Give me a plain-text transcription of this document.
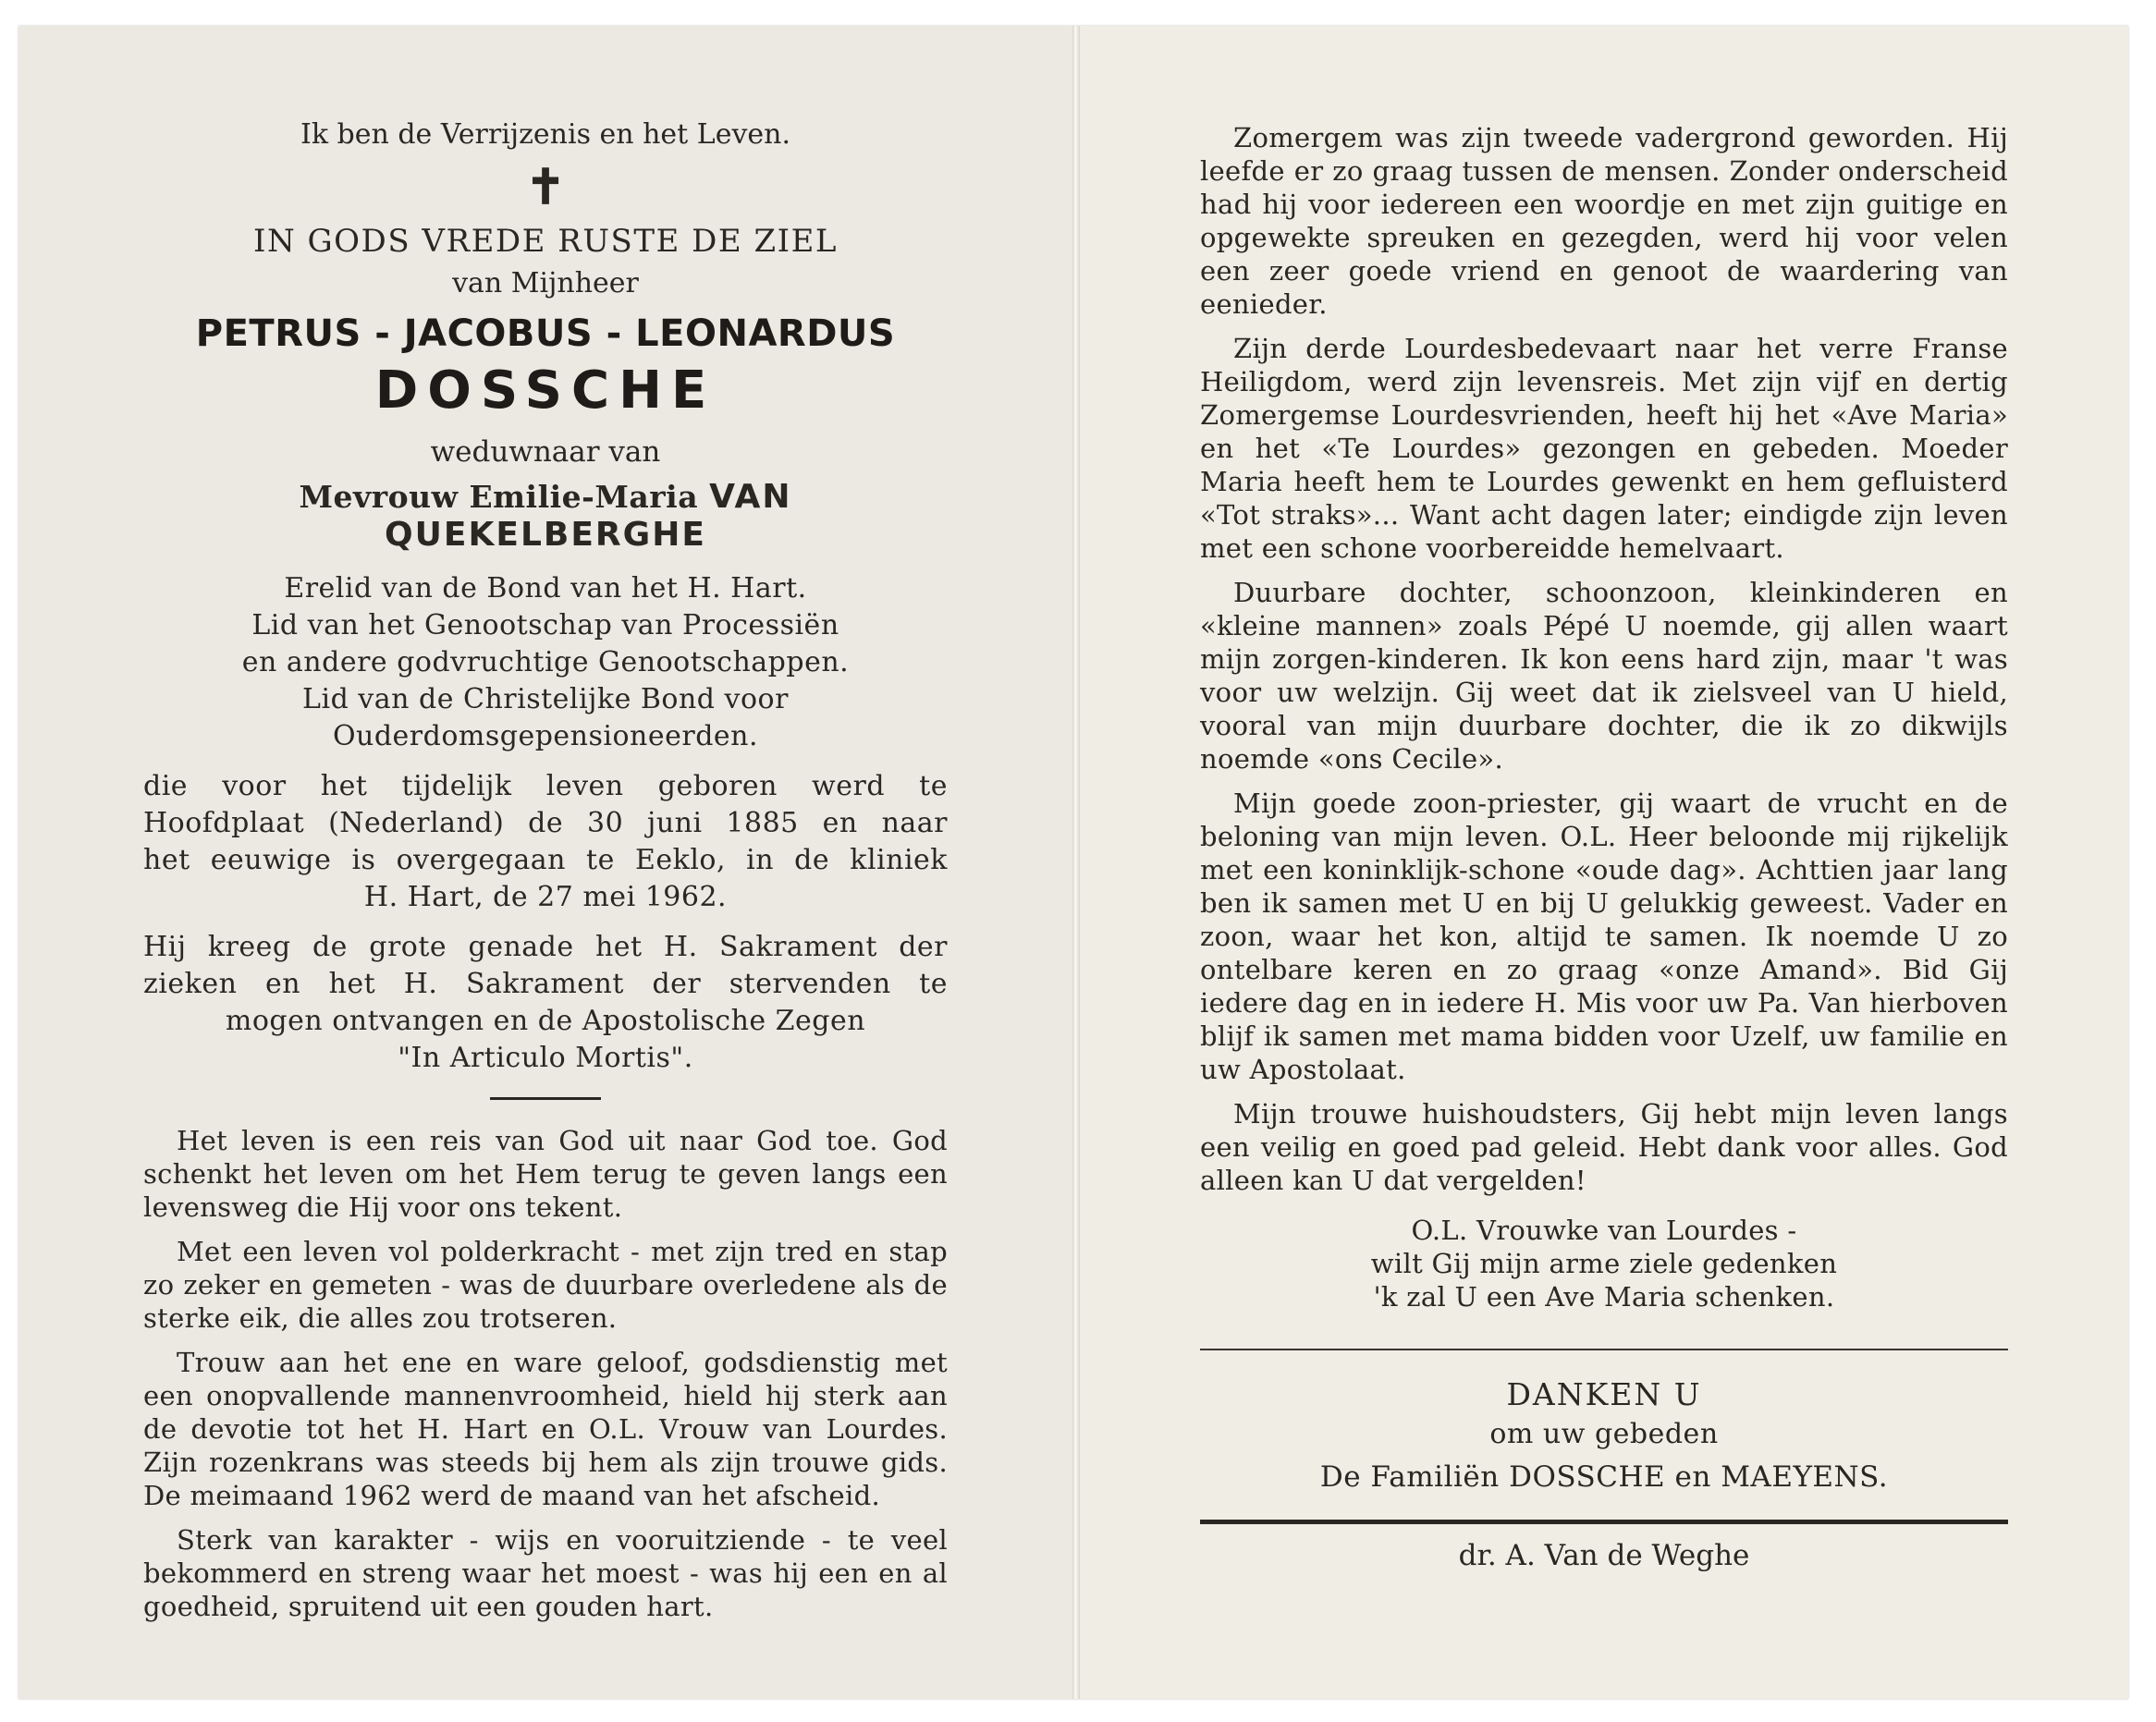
Ik ben de Verrijzenis en het Leven.

✝

IN GODS VREDE RUSTE DE ZIEL

van Mijnheer

PETRUS - JACOBUS - LEONARDUS

DOSSCHE

weduwnaar van

Mevrouw Emilie-Maria VAN QUEKELBERGHE

Erelid van de Bond van het H. Hart.

Lid van het Genootschap van Processiën

en andere godvruchtige Genootschappen.

Lid van de Christelijke Bond voor

Ouderdomsgepensioneerden.

die voor het tijdelijk leven geboren werd te

Hoofdplaat (Nederland) de 30 juni 1885 en naar

het eeuwige is overgegaan te Eeklo, in de kliniek

H. Hart, de 27 mei 1962.

Hij kreeg de grote genade het H. Sakrament der

zieken en het H. Sakrament der stervenden te

mogen ontvangen en de Apostolische Zegen

"In Articulo Mortis".

Het leven is een reis van God uit naar God toe. God schenkt het leven om het Hem terug te geven langs een levensweg die Hij voor ons tekent.

Met een leven vol polderkracht - met zijn tred en stap zo zeker en gemeten - was de duurbare overledene als de sterke eik, die alles zou trotseren.

Trouw aan het ene en ware geloof, godsdienstig met een onopvallende mannenvroomheid, hield hij sterk aan de devotie tot het H. Hart en O.L. Vrouw van Lourdes. Zijn rozenkrans was steeds bij hem als zijn trouwe gids. De meimaand 1962 werd de maand van het afscheid.

Sterk van karakter - wijs en vooruitziende - te veel bekommerd en streng waar het moest - was hij een en al goedheid, spruitend uit een gouden hart.

Zomergem was zijn tweede vadergrond geworden. Hij leefde er zo graag tussen de mensen. Zonder onderscheid had hij voor iedereen een woordje en met zijn guitige en opgewekte spreuken en gezegden, werd hij voor velen een zeer goede vriend en genoot de waardering van eenieder.

Zijn derde Lourdesbedevaart naar het verre Franse Heiligdom, werd zijn levensreis. Met zijn vijf en dertig Zomergemse Lourdesvrienden, heeft hij het «Ave Maria» en het «Te Lourdes» gezongen en gebeden. Moeder Maria heeft hem te Lourdes gewenkt en hem gefluisterd «Tot straks»... Want acht dagen later; eindigde zijn leven met een schone voorbereidde hemelvaart.

Duurbare dochter, schoonzoon, kleinkinderen en «kleine mannen» zoals Pépé U noemde, gij allen waart mijn zorgen-kinderen. Ik kon eens hard zijn, maar 't was voor uw welzijn. Gij weet dat ik zielsveel van U hield, vooral van mijn duurbare dochter, die ik zo dikwijls noemde «ons Cecile».

Mijn goede zoon-priester, gij waart de vrucht en de beloning van mijn leven. O.L. Heer beloonde mij rijkelijk met een koninklijk-schone «oude dag». Achttien jaar lang ben ik samen met U en bij U gelukkig geweest. Vader en zoon, waar het kon, altijd te samen. Ik noemde U zo ontelbare keren en zo graag «onze Amand». Bid Gij iedere dag en in iedere H. Mis voor uw Pa. Van hierboven blijf ik samen met mama bidden voor Uzelf, uw familie en uw Apostolaat.

Mijn trouwe huishoudsters, Gij hebt mijn leven langs een veilig en goed pad geleid. Hebt dank voor alles. God alleen kan U dat vergelden!

O.L. Vrouwke van Lourdes -

wilt Gij mijn arme ziele gedenken

'k zal U een Ave Maria schenken.

DANKEN U

om uw gebeden

De Familiën DOSSCHE en MAEYENS.

dr. A. Van de Weghe
